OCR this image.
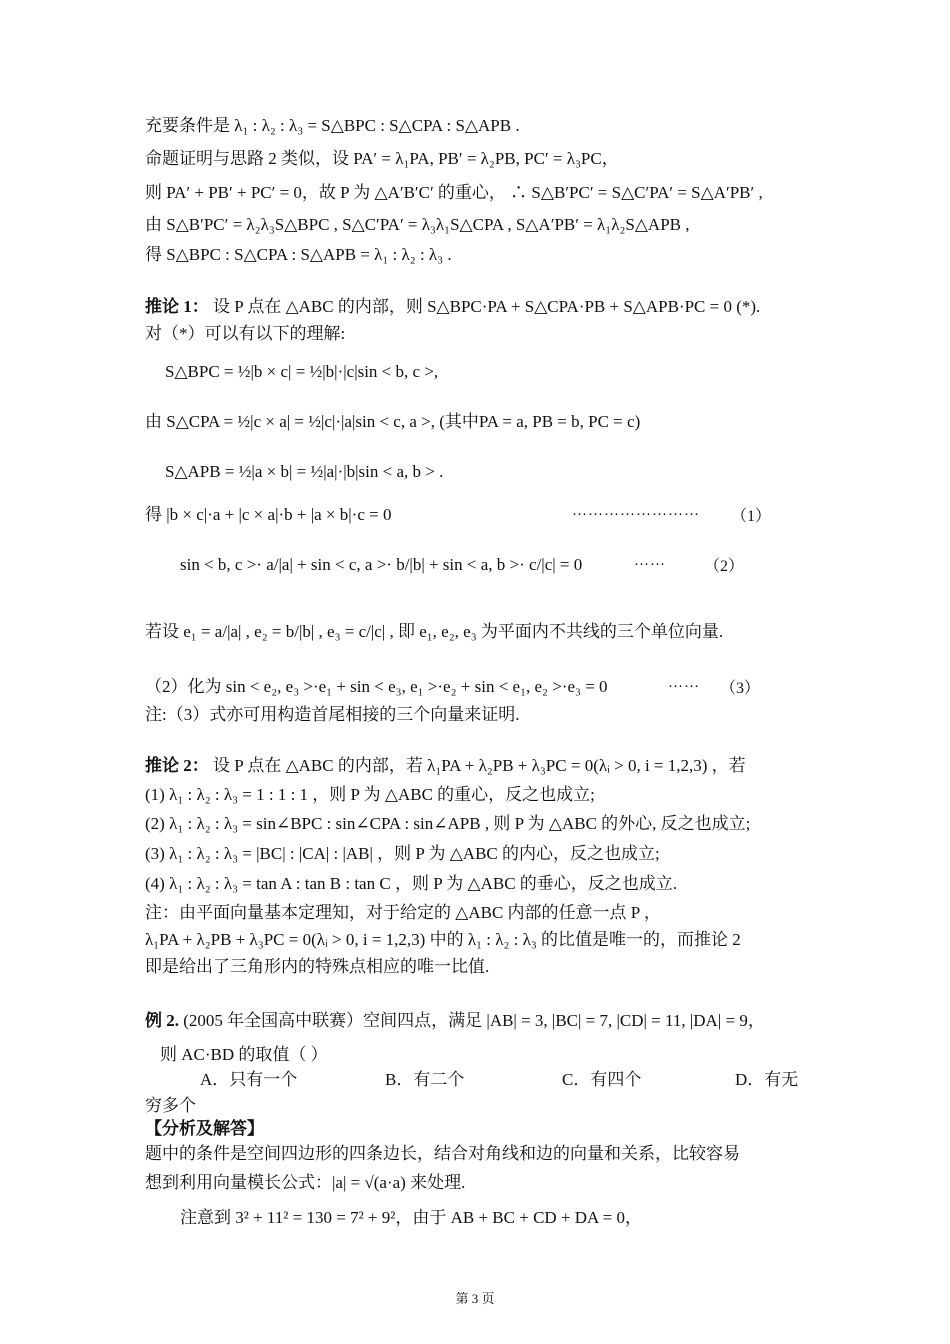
充要条件是 λ₁ : λ₂ : λ₃ = S△BPC : S△CPA : S△APB .
命题证明与思路 2 类似，设 PA′ = λ₁PA, PB′ = λ₂PB, PC′ = λ₃PC，
则 PA′ + PB′ + PC′ = 0，故 P 为 △A′B′C′ 的重心， ∴ S△B′PC′ = S△C′PA′ = S△A′PB′ ,
由 S△B′PC′ = λ₂λ₃S△BPC , S△C′PA′ = λ₃λ₁S△CPA , S△A′PB′ = λ₁λ₂S△APB ,
得 S△BPC : S△CPA : S△APB = λ₁ : λ₂ : λ₃ .
推论 1： 设 P 点在 △ABC 的内部，则 S△BPC·PA + S△CPA·PB + S△APB·PC = 0 (*).
对（*）可以有以下的理解:
S△BPC = ½|b × c| = ½|b|·|c|sin < b, c >,
由 S△CPA = ½|c × a| = ½|c|·|a|sin < c, a >, (其中PA = a, PB = b, PC = c)
S△APB = ½|a × b| = ½|a|·|b|sin < a, b > .
得 |b × c|·a + |c × a|·b + |a × b|·c = 0	…………………… （1）
sin < b, c >· a/|a| + sin < c, a >· b/|b| + sin < a, b >· c/|c| = 0	…… （2）
若设 e₁ = a/|a| , e₂ = b/|b| , e₃ = c/|c| , 即 e₁, e₂, e₃ 为平面内不共线的三个单位向量.
（2）化为 sin < e₂, e₃ >·e₁ + sin < e₃, e₁ >·e₂ + sin < e₁, e₂ >·e₃ = 0	…… （3）
注:（3）式亦可用构造首尾相接的三个向量来证明.
推论 2： 设 P 点在 △ABC 的内部，若 λ₁PA + λ₂PB + λ₃PC = 0(λᵢ > 0, i = 1,2,3) ，若
(1) λ₁ : λ₂ : λ₃ = 1 : 1 : 1 ，则 P 为 △ABC 的重心，反之也成立;
(2) λ₁ : λ₂ : λ₃ = sin∠BPC : sin∠CPA : sin∠APB , 则 P 为 △ABC 的外心, 反之也成立;
(3) λ₁ : λ₂ : λ₃ = |BC| : |CA| : |AB| ，则 P 为 △ABC 的内心，反之也成立;
(4) λ₁ : λ₂ : λ₃ = tan A : tan B : tan C ，则 P 为 △ABC 的垂心，反之也成立.
注：由平面向量基本定理知，对于给定的 △ABC 内部的任意一点 P ，
λ₁PA + λ₂PB + λ₃PC = 0(λᵢ > 0, i = 1,2,3) 中的 λ₁ : λ₂ : λ₃ 的比值是唯一的，而推论 2
即是给出了三角形内的特殊点相应的唯一比值.
例 2. (2005 年全国高中联赛）空间四点，满足 |AB| = 3, |BC| = 7, |CD| = 11, |DA| = 9，
则 AC·BD 的取值（ ）
A．只有一个	B．有二个	C．有四个	D．有无
穷多个
【分析及解答】
题中的条件是空间四边形的四条边长，结合对角线和边的向量和关系，比较容易
想到利用向量模长公式：|a| = √(a·a) 来处理.
注意到 3² + 11² = 130 = 7² + 9²，由于 AB + BC + CD + DA = 0，
第 3 页
